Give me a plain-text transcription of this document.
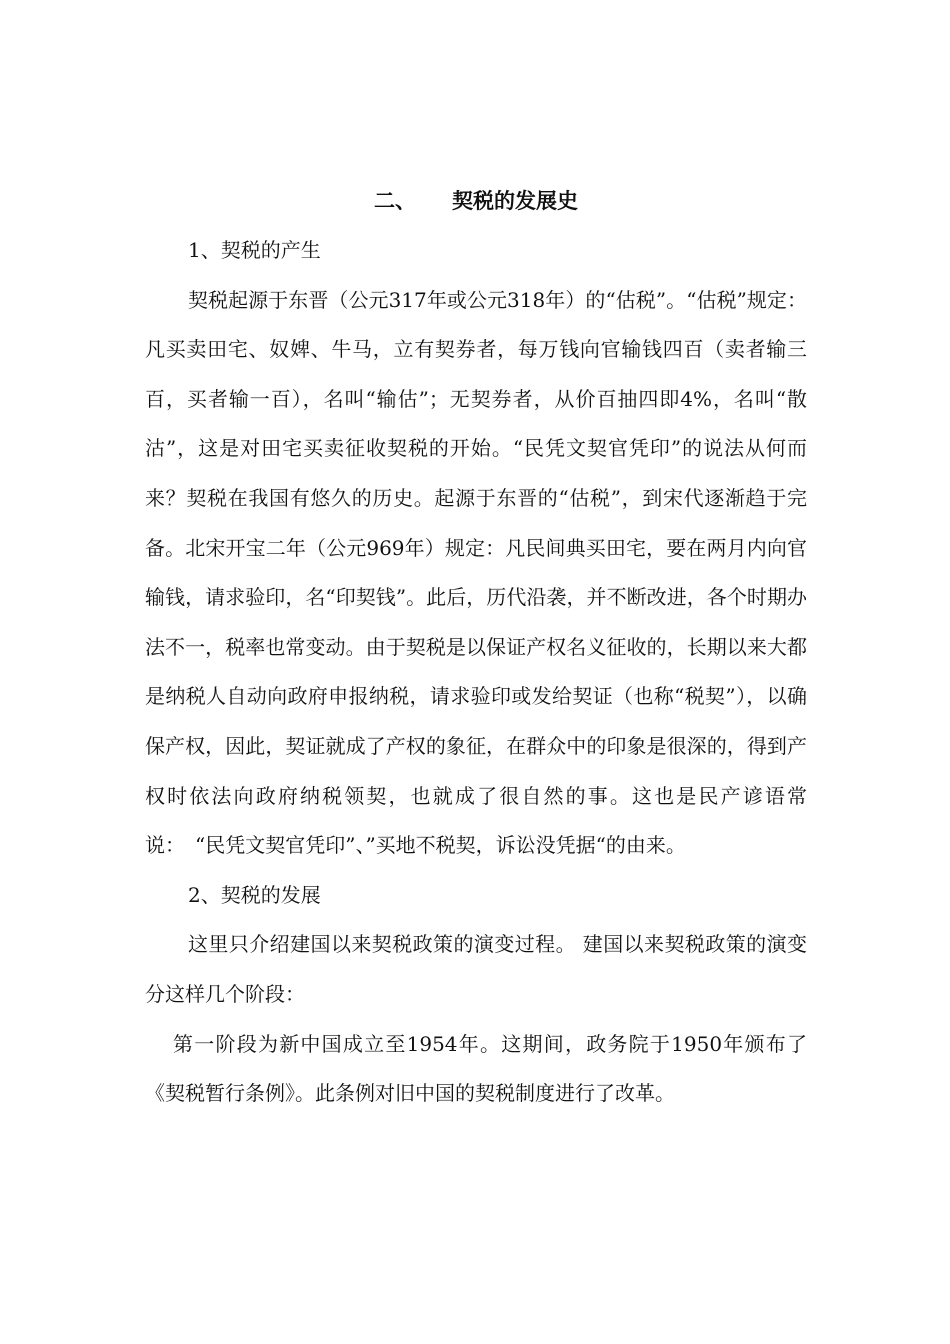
二、 契税的发展史

1、契税的产生

契税起源于东晋（公元317年或公元318年）的“估税”。“估税”规定：凡买卖田宅、奴婢、牛马，立有契券者，每万钱向官输钱四百（卖者输三百，买者输一百），名叫“输估”；无契券者，从价百抽四即4%，名叫“散沽”，这是对田宅买卖征收契税的开始。“民凭文契官凭印”的说法从何而来？契税在我国有悠久的历史。起源于东晋的“估税”，到宋代逐渐趋于完备。北宋开宝二年（公元969年）规定：凡民间典买田宅，要在两月内向官输钱，请求验印，名“印契钱”。此后，历代沿袭，并不断改进，各个时期办法不一，税率也常变动。由于契税是以保证产权名义征收的，长期以来大都是纳税人自动向政府申报纳税，请求验印或发给契证（也称“税契”），以确保产权，因此，契证就成了产权的象征，在群众中的印象是很深的，得到产权时依法向政府纳税领契，也就成了很自然的事。这也是民产谚语常说：　“民凭文契官凭印”、”买地不税契，诉讼没凭据“的由来。

2、契税的发展

这里只介绍建国以来契税政策的演变过程。 建国以来契税政策的演变分这样几个阶段：

第一阶段为新中国成立至1954年。这期间，政务院于1950年颁布了《契税暂行条例》。此条例对旧中国的契税制度进行了改革。
